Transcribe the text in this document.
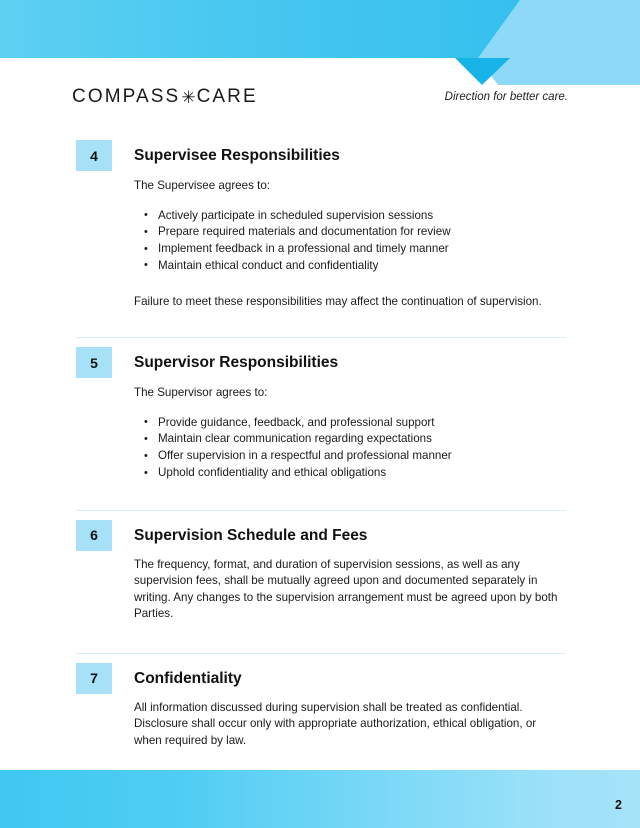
COMPASS✳CARE	Direction for better care.
4	Supervisee Responsibilities

The Supervisee agrees to:

• Actively participate in scheduled supervision sessions
• Prepare required materials and documentation for review
• Implement feedback in a professional and timely manner
• Maintain ethical conduct and confidentiality

Failure to meet these responsibilities may affect the continuation of supervision.

5	Supervisor Responsibilities

The Supervisor agrees to:

• Provide guidance, feedback, and professional support
• Maintain clear communication regarding expectations
• Offer supervision in a respectful and professional manner
• Uphold confidentiality and ethical obligations
6	Supervision Schedule and Fees

The frequency, format, and duration of supervision sessions, as well as any supervision fees, shall be mutually agreed upon and documented separately in writing. Any changes to the supervision arrangement must be agreed upon by both Parties.

7	Confidentiality

All information discussed during supervision shall be treated as confidential. Disclosure shall occur only with appropriate authorization, ethical obligation, or when required by law.

2
